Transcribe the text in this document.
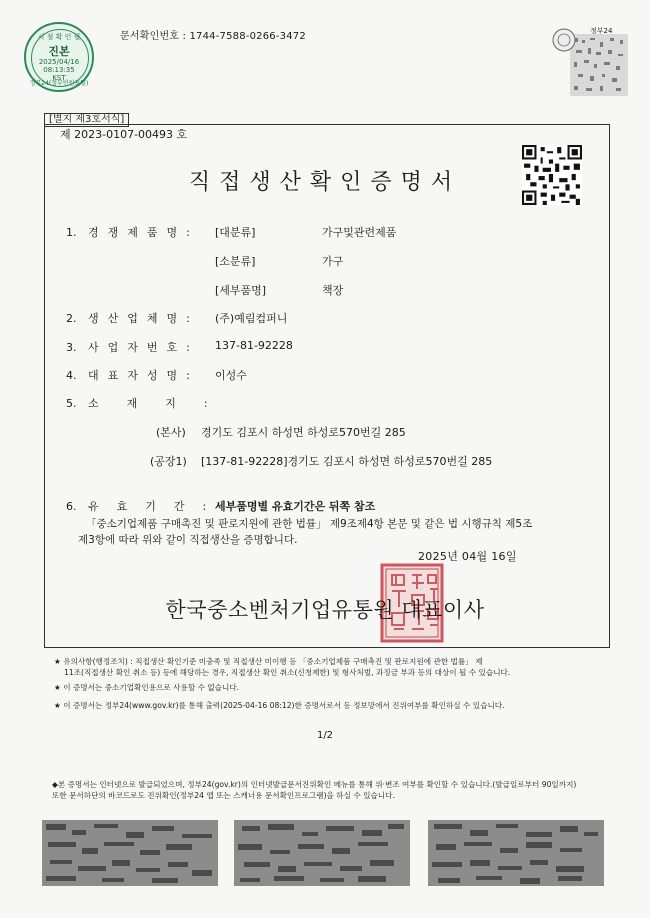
시 점 확 인 필
진본
2025/04/16
08:13:35
KST
정부24(정부민원포털)
문서확인번호 : 1744-7588-0266-3472	정부24
[별지 제3호서식]
제 2023-0107-00493 호
직접생산확인증명서
1. 경쟁제품명: [대분류]	가구및관련제품
[소분류]	가구
[세부품명]	책장
2. 생산업체명: (주)예림컴퍼니
3. 사업자번호: 137-81-92228
4. 대표자성명: 이성수
5. 소재지:
(본사) 경기도 김포시 하성면 하성로570번길 285
(공장1) [137-81-92228]경기도 김포시 하성면 하성로570번길 285
6. 유효기간: 세부품명별 유효기간은 뒤쪽 참조
「중소기업제품 구매촉진 및 판로지원에 관한 법률」 제9조제4항 본문 및 같은 법 시행규칙 제5조
제3항에 따라 위와 같이 직접생산을 증명합니다.
2025년 04월 16일
한국중소벤처기업유통원 대표이사
★ 유의사항(행정조치) : 직접생산 확인기준 미충족 및 직접생산 미이행 등 「중소기업제품 구매촉진 및 판로지원에 관한 법률」 제
11조(직접생산 확인 취소 등) 등에 해당하는 경우, 직접생산 확인 취소(신청제한) 및 형사처벌, 과징금 부과 등의 대상이 될 수 있습니다.
★ 이 증명서는 중소기업확인용으로 사용할 수 없습니다.
★ 이 증명서는 정부24(www.gov.kr)를 통해 출력(2025-04-16 08:12)한 증명서로서 등 정보망에서 진위여부를 확인하실 수 있습니다.
1/2
◆본 증명서는 인터넷으로 발급되었으며, 정부24(gov.kr)의 인터넷발급문서진위확인 메뉴를 통해 위·변조 여부를 확인할 수 있습니다.(발급일로부터 90일까지)
또한 문서하단의 바코드로도 진위확인(정부24 앱 또는 스캐너용 문서확인프로그램)을 하실 수 있습니다.
